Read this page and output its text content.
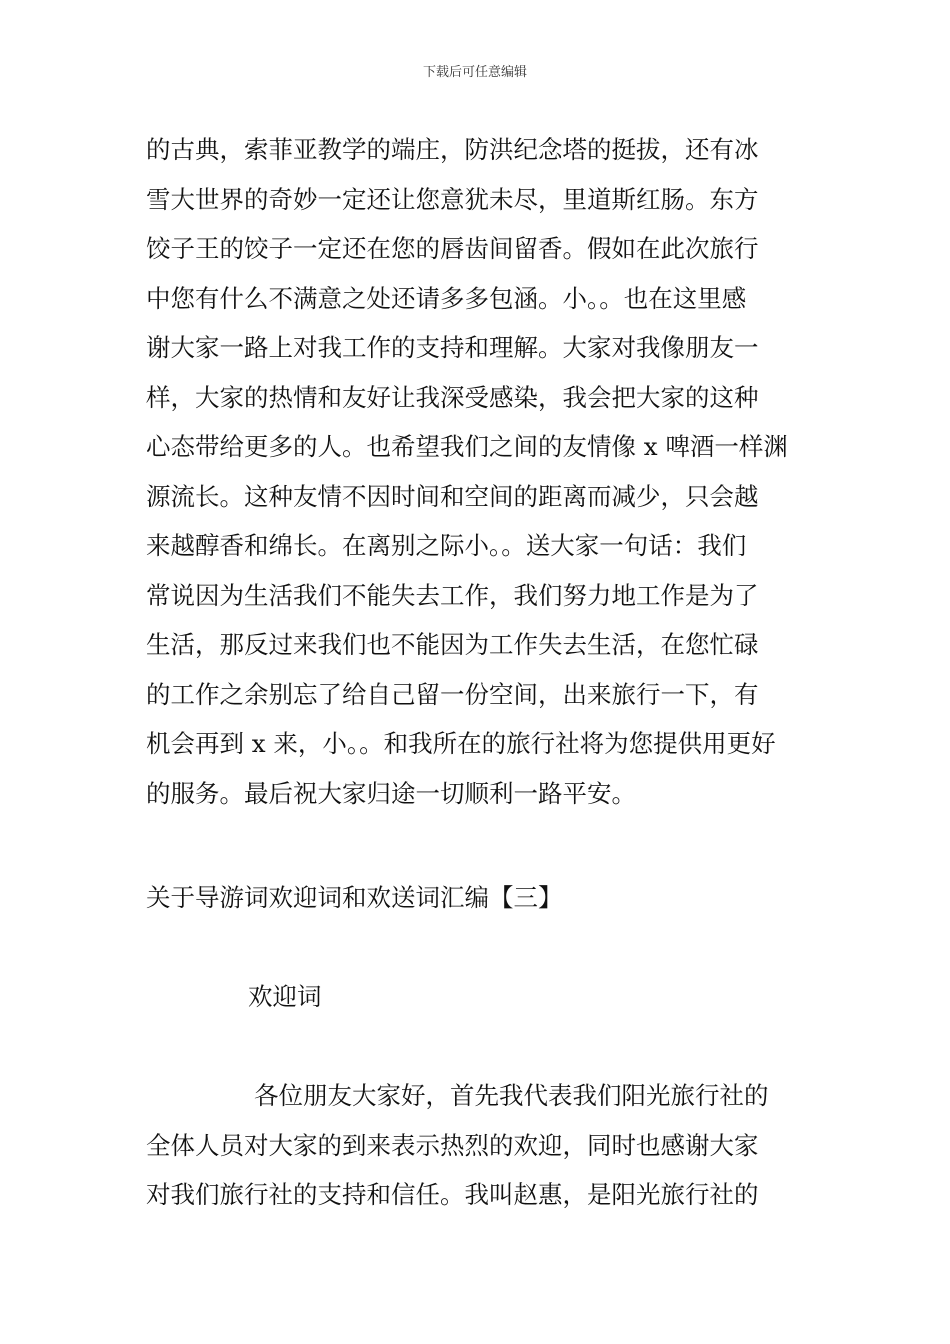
下载后可任意编辑
的古典，索菲亚教学的端庄，防洪纪念塔的挺拔，还有冰
雪大世界的奇妙一定还让您意犹未尽，里道斯红肠。东方
饺子王的饺子一定还在您的唇齿间留香。假如在此次旅行
中您有什么不满意之处还请多多包涵。小。。也在这里感
谢大家一路上对我工作的支持和理解。大家对我像朋友一
样，大家的热情和友好让我深受感染，我会把大家的这种
心态带给更多的人。也希望我们之间的友情像 x 啤酒一样渊
源流长。这种友情不因时间和空间的距离而减少，只会越
来越醇香和绵长。在离别之际小。。送大家一句话：我们
常说因为生活我们不能失去工作，我们努力地工作是为了
生活，那反过来我们也不能因为工作失去生活，在您忙碌
的工作之余别忘了给自己留一份空间，出来旅行一下，有
机会再到 x 来，小。。和我所在的旅行社将为您提供用更好
的服务。最后祝大家归途一切顺利一路平安。
关于导游词欢迎词和欢送词汇编【三】
欢迎词
各位朋友大家好，首先我代表我们阳光旅行社的
全体人员对大家的到来表示热烈的欢迎，同时也感谢大家
对我们旅行社的支持和信任。我叫赵惠，是阳光旅行社的
